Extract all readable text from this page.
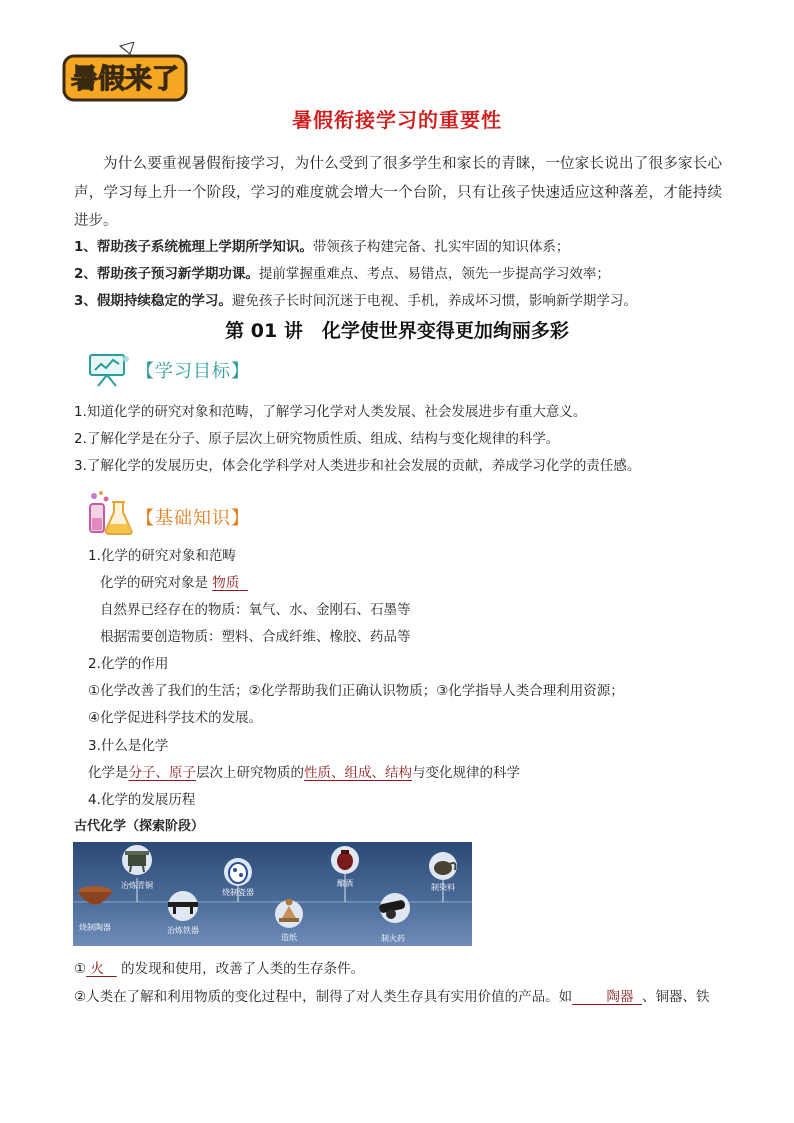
暑假来了
暑假衔接学习的重要性
为什么要重视暑假衔接学习，为什么受到了很多学生和家长的青睐，一位家长说出了很多家长心声，学习每上升一个阶段，学习的难度就会增大一个台阶，只有让孩子快速适应这种落差，才能持续进步。
1、帮助孩子系统梳理上学期所学知识。带领孩子构建完备、扎实牢固的知识体系；
2、帮助孩子预习新学期功课。提前掌握重难点、考点、易错点，领先一步提高学习效率；
3、假期持续稳定的学习。避免孩子长时间沉迷于电视、手机，养成坏习惯，影响新学期学习。
第 01 讲　化学使世界变得更加绚丽多彩
【学习目标】
1.知道化学的研究对象和范畴，了解学习化学对人类发展、社会发展进步有重大意义。
2.了解化学是在分子、原子层次上研究物质性质、组成、结构与变化规律的科学。
3.了解化学的发展历史，体会化学科学对人类进步和社会发展的贡献，养成学习化学的责任感。
【基础知识】
1.化学的研究对象和范畴
化学的研究对象是 物质
自然界已经存在的物质：氧气、水、金刚石、石墨等
根据需要创造物质：塑料、合成纤维、橡胶、药品等
2.化学的作用
①化学改善了我们的生活；②化学帮助我们正确认识物质；③化学指导人类合理利用资源；
④化学促进科学技术的发展。
3.什么是化学
化学是分子、原子层次上研究物质的性质、组成、结构与变化规律的科学
4.化学的发展历程
古代化学（探索阶段）
烧制陶器
冶炼青铜
冶炼铁器
烧制瓷器
造纸
酿酒
制火药
制染料
① 火 的发现和使用，改善了人类的生存条件。
②人类在了解和利用物质的变化过程中，制得了对人类生存具有实用价值的产品。如	陶器 、铜器、铁
